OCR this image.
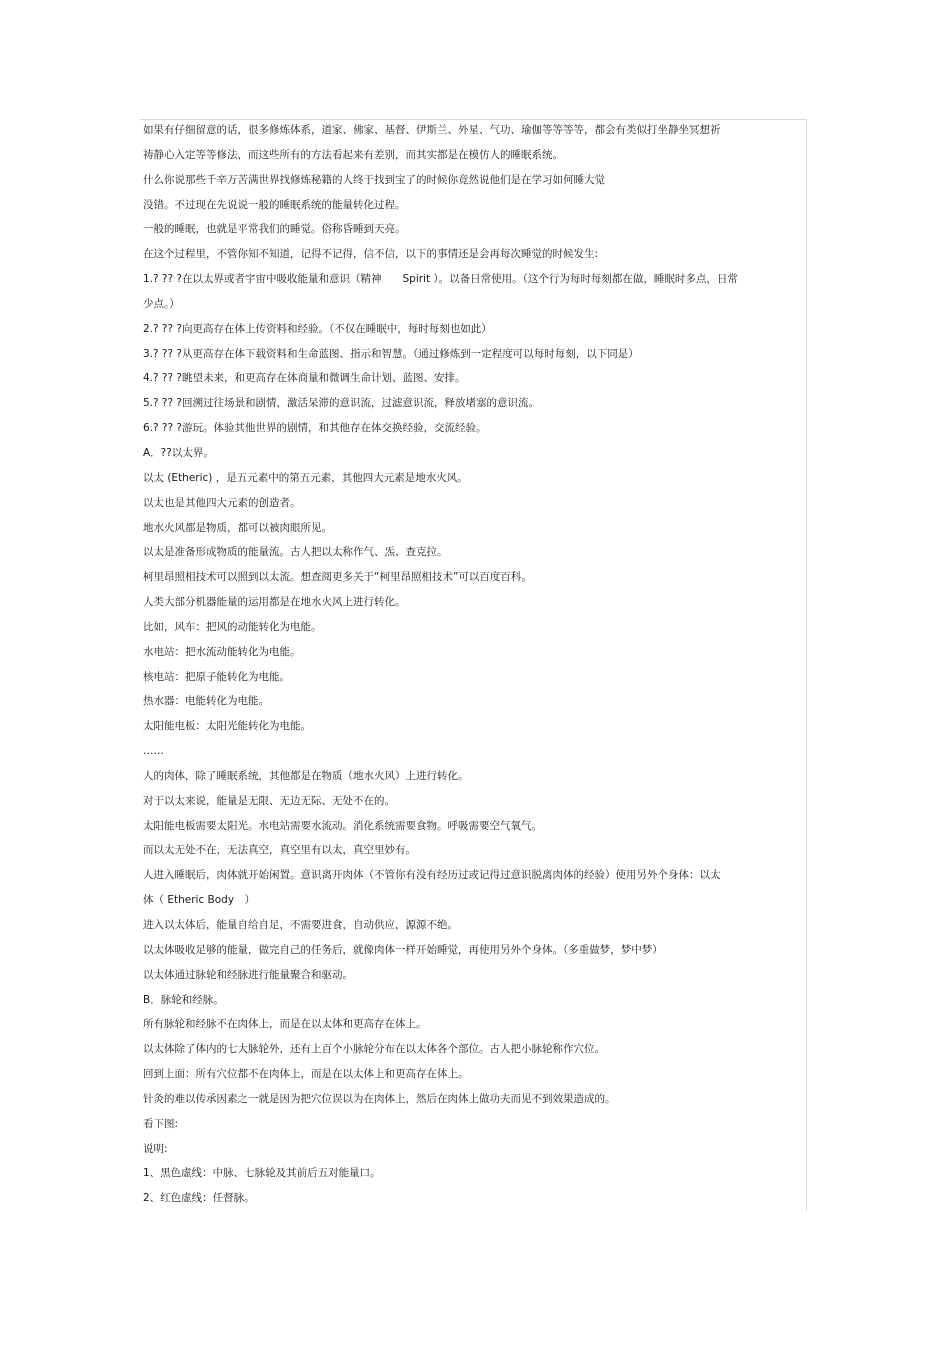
如果有仔细留意的话，很多修炼体系，道家、佛家、基督、伊斯兰、外星、气功、瑜伽等等等等，都会有类似打坐静坐冥想祈
祷静心入定等等修法，而这些所有的方法看起来有差别，而其实都是在模仿人的睡眠系统。
什么你说那些千辛万苦满世界找修炼秘籍的人终于找到宝了的时候你竟然说他们是在学习如何睡大觉
没错。不过现在先说说一般的睡眠系统的能量转化过程。
一般的睡眠，也就是平常我们的睡觉。俗称昏睡到天亮。
在这个过程里，不管你知不知道，记得不记得，信不信，以下的事情还是会再每次睡觉的时候发生:
1.? ?? ?在以太界或者宇宙中吸收能量和意识（精神　　Spirit ）。以备日常使用。（这个行为每时每刻都在做，睡眠时多点，日常
少点。）
2.? ?? ?向更高存在体上传资料和经验。（不仅在睡眠中，每时每刻也如此）
3.? ?? ?从更高存在体下载资料和生命蓝图、指示和智慧。（通过修炼到一定程度可以每时每刻，以下同是）
4.? ?? ?眺望未来，和更高存在体商量和微调生命计划、蓝图、安排。
5.? ?? ?回溯过往场景和剧情，激活呆滞的意识流，过滤意识流，释放堵塞的意识流。
6.? ?? ?游玩。体验其他世界的剧情，和其他存在体交换经验，交流经验。
A．??以太界。
以太 (Etheric) ，是五元素中的第五元素，其他四大元素是地水火风。
以太也是其他四大元素的创造者。
地水火风都是物质，都可以被肉眼所见。
以太是准备形成物质的能量流。古人把以太称作气、炁、查克拉。
柯里昂照相技术可以照到以太流。想查阅更多关于“柯里昂照相技术”可以百度百科。
人类大部分机器能量的运用都是在地水火风上进行转化。
比如，风车：把风的动能转化为电能。
水电站：把水流动能转化为电能。
核电站：把原子能转化为电能。
热水器：电能转化为电能。
太阳能电板：太阳光能转化为电能。
……
人的肉体，除了睡眠系统，其他都是在物质（地水火风）上进行转化。
对于以太来说，能量是无限、无边无际、无处不在的。
太阳能电板需要太阳光。水电站需要水流动。消化系统需要食物。呼吸需要空气氧气。
而以太无处不在，无法真空，真空里有以太，真空里妙有。
人进入睡眠后，肉体就开始闲置。意识离开肉体（不管你有没有经历过或记得过意识脱离肉体的经验）使用另外个身体：以太
体（ Etheric Body　）
进入以太体后，能量自给自足，不需要进食，自动供应，源源不绝。
以太体吸收足够的能量，做完自己的任务后，就像肉体一样开始睡觉，再使用另外个身体。（多重做梦，梦中梦）
以太体通过脉轮和经脉进行能量聚合和驱动。
B．脉轮和经脉。
所有脉轮和经脉不在肉体上，而是在以太体和更高存在体上。
以太体除了体内的七大脉轮外，还有上百个小脉轮分布在以太体各个部位。古人把小脉轮称作穴位。
回到上面：所有穴位都不在肉体上，而是在以太体上和更高存在体上。
针灸的难以传承因素之一就是因为把穴位误以为在肉体上，然后在肉体上做功夫而见不到效果造成的。
看下图:
说明:
1、黑色虚线：中脉、七脉轮及其前后五对能量口。
2、红色虚线：任督脉。
